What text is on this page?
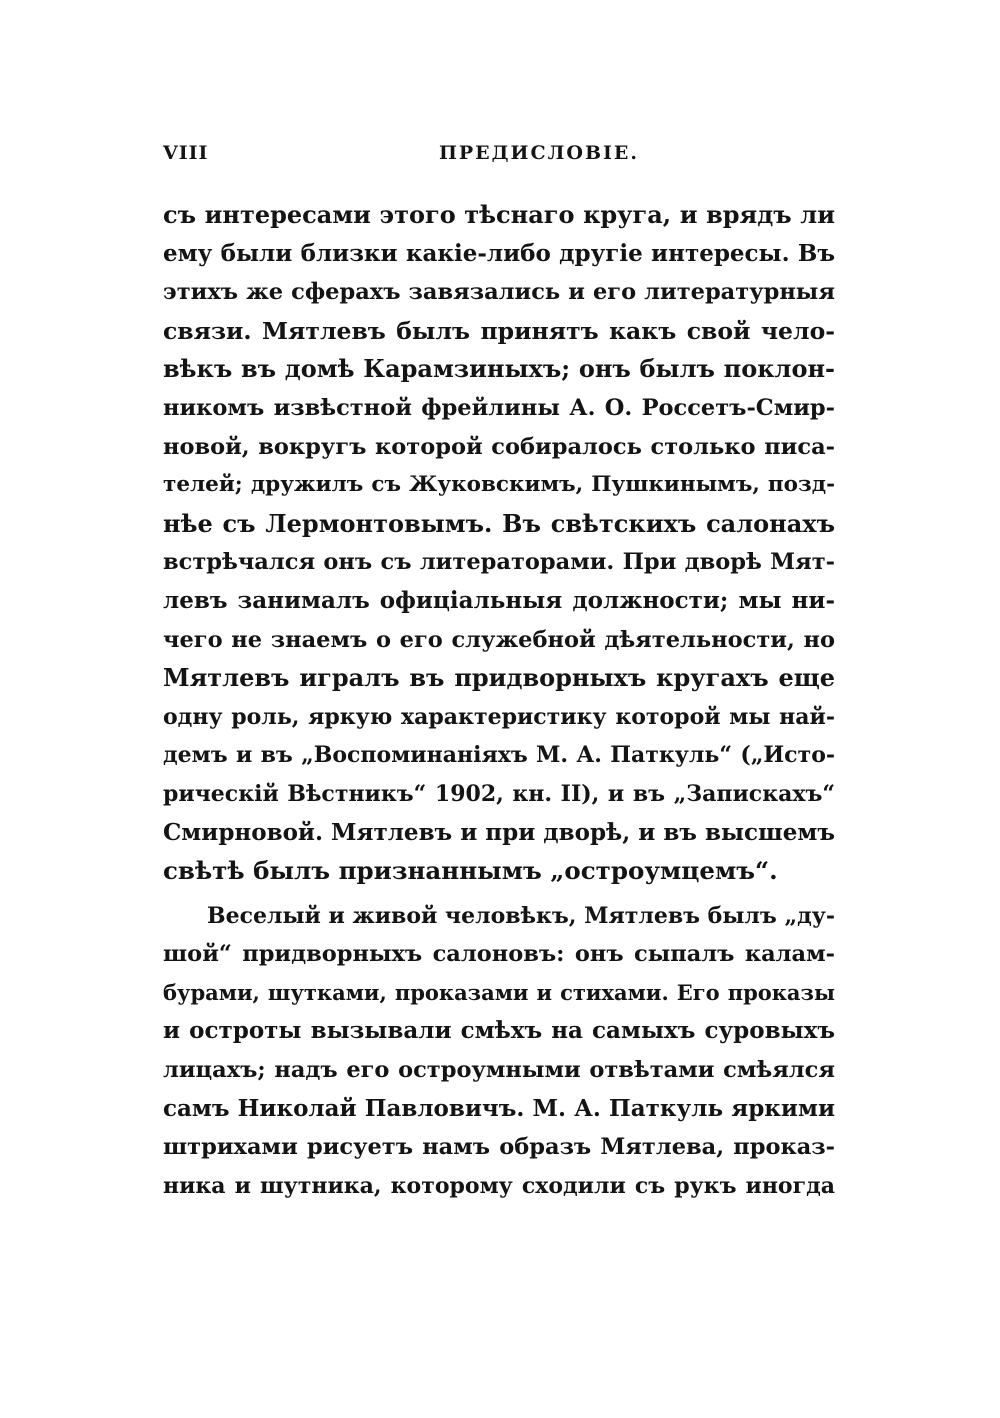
VIII	ПРЕДИСЛОВІЕ.
съ интересами этого тѣснаго круга, и врядъ ли
ему были близки какіе-либо другіе интересы. Въ
этихъ же сферахъ завязались и его литературныя
связи. Мятлевъ былъ принятъ какъ свой чело-
вѣкъ въ домѣ Карамзиныхъ; онъ былъ поклон-
никомъ извѣстной фрейлины А. О. Россетъ-Смир-
новой, вокругъ которой собиралось столько писа-
телей; дружилъ съ Жуковскимъ, Пушкинымъ, позд-
нѣе съ Лермонтовымъ. Въ свѣтскихъ салонахъ
встрѣчался онъ съ литераторами. При дворѣ Мят-
левъ занималъ офиціальныя должности; мы ни-
чего не знаемъ о его служебной дѣятельности, но
Мятлевъ игралъ въ придворныхъ кругахъ еще
одну роль, яркую характеристику которой мы най-
демъ и въ „Воспоминаніяхъ М. А. Паткуль“ („Исто-
рическій Вѣстникъ“ 1902, кн. II), и въ „Запискахъ“
Смирновой. Мятлевъ и при дворѣ, и въ высшемъ
свѣтѣ былъ признаннымъ „остроумцемъ“.
Веселый и живой человѣкъ, Мятлевъ былъ „ду-
шой“ придворныхъ салоновъ: онъ сыпалъ калам-
бурами, шутками, проказами и стихами. Его проказы
и остроты вызывали смѣхъ на самыхъ суровыхъ
лицахъ; надъ его остроумными отвѣтами смѣялся
самъ Николай Павловичъ. М. А. Паткуль яркими
штрихами рисуетъ намъ образъ Мятлева, проказ-
ника и шутника, которому сходили съ рукъ иногда
